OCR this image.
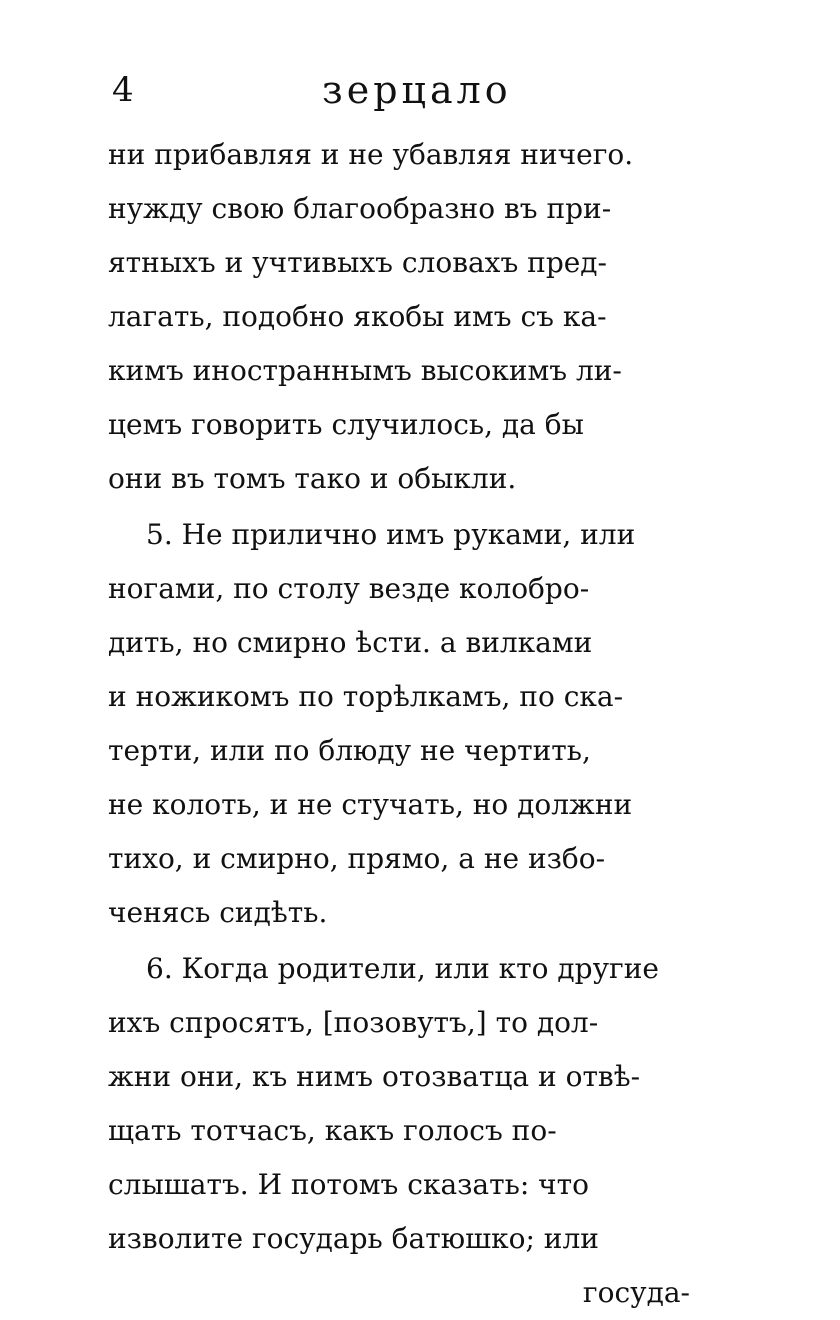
4	зерцало
ни прибавляя и не убавляя ничего.
нужду свою благообразно въ при-
ятныхъ и учтивыхъ словахъ пред-
лагать, подобно якобы имъ съ ка-
кимъ иностраннымъ высокимъ ли-
цемъ говорить случилось, да бы
они въ томъ тако и обыкли.
5. Не прилично имъ руками, или
ногами, по столу везде колобро-
дить, но смирно ѣсти. а вилками
и ножикомъ по торѣлкамъ, по ска-
терти, или по блюду не чертить,
не колоть, и не стучать, но должни
тихо, и смирно, прямо, а не избо-
ченясь сидѣть.
6. Когда родители, или кто другие
ихъ спросятъ, [позовутъ,] то дол-
жни они, къ нимъ отозватца и отвѣ-
щать тотчасъ, какъ голосъ по-
слышатъ. И потомъ сказать: что
изволите государь батюшко; или
госуда-
